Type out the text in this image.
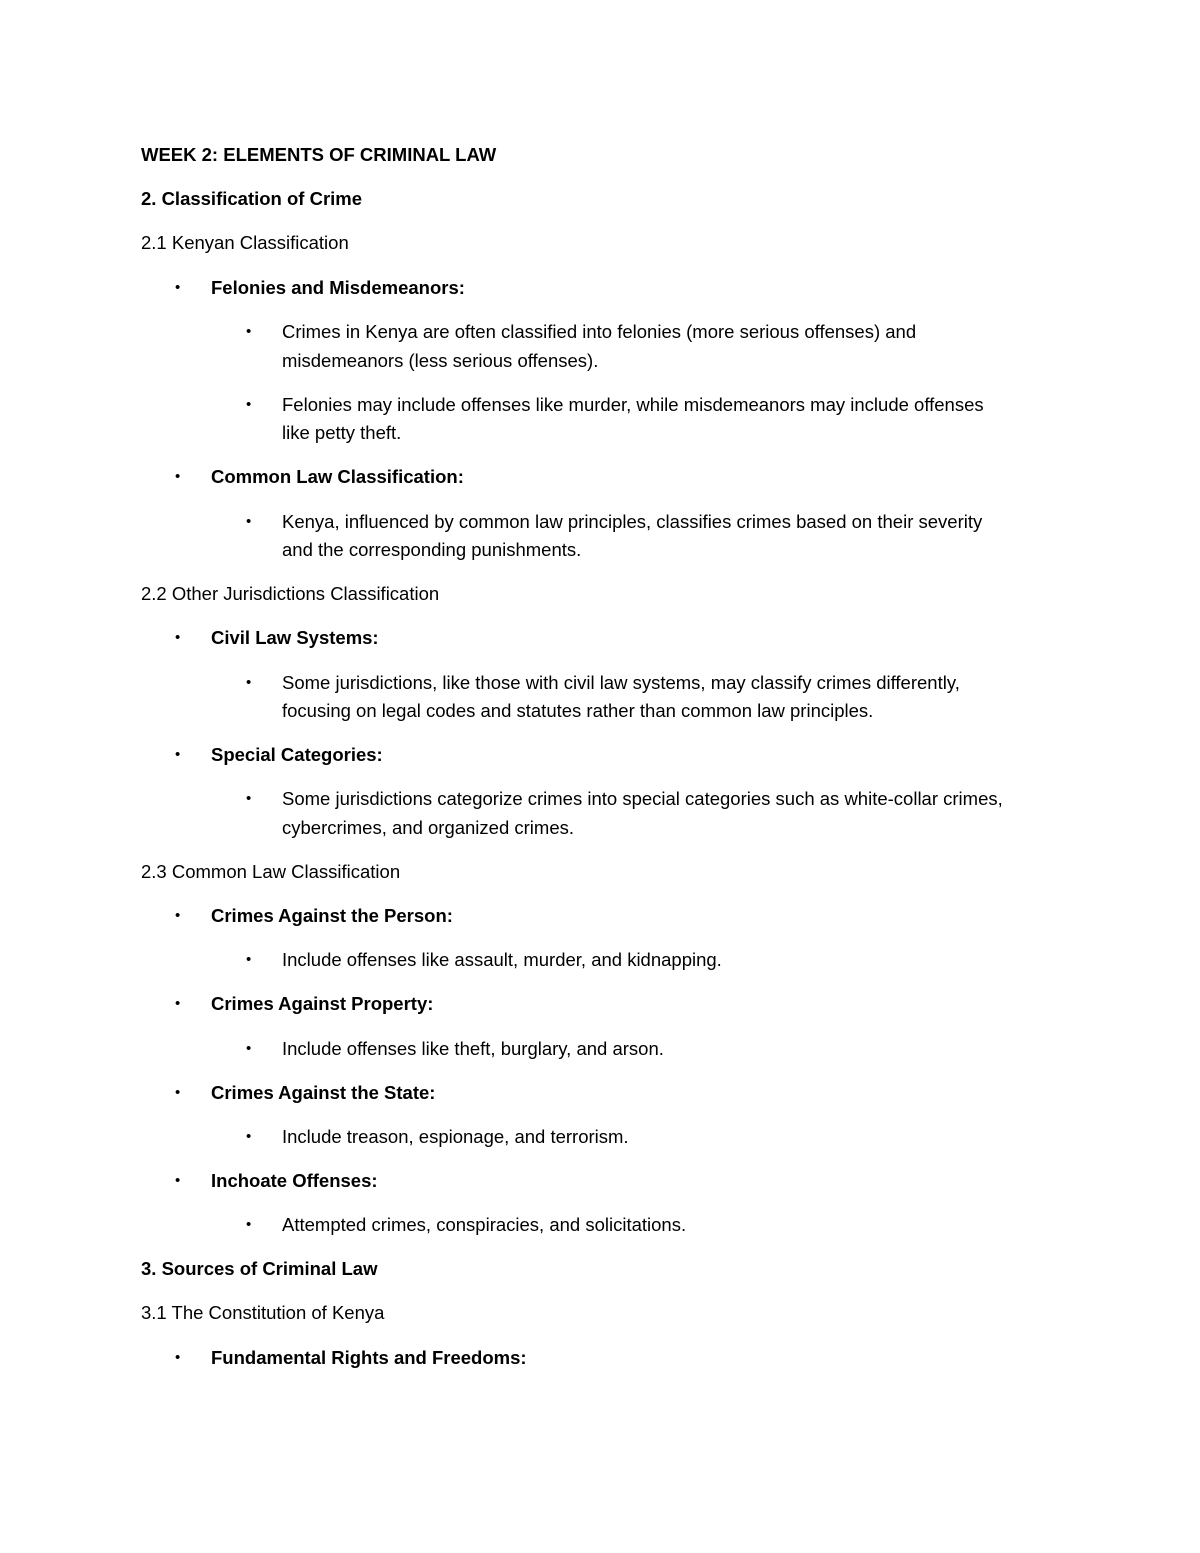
WEEK 2: ELEMENTS OF CRIMINAL LAW
2. Classification of Crime
2.1 Kenyan Classification
• Felonies and Misdemeanors:
• Crimes in Kenya are often classified into felonies (more serious offenses) and
misdemeanors (less serious offenses).
• Felonies may include offenses like murder, while misdemeanors may include offenses
like petty theft.
• Common Law Classification:
• Kenya, influenced by common law principles, classifies crimes based on their severity
and the corresponding punishments.
2.2 Other Jurisdictions Classification
• Civil Law Systems:
• Some jurisdictions, like those with civil law systems, may classify crimes differently,
focusing on legal codes and statutes rather than common law principles.
• Special Categories:
• Some jurisdictions categorize crimes into special categories such as white-collar crimes,
cybercrimes, and organized crimes.
2.3 Common Law Classification
• Crimes Against the Person:
• Include offenses like assault, murder, and kidnapping.
• Crimes Against Property:
• Include offenses like theft, burglary, and arson.
• Crimes Against the State:
• Include treason, espionage, and terrorism.
• Inchoate Offenses:
• Attempted crimes, conspiracies, and solicitations.
3. Sources of Criminal Law
3.1 The Constitution of Kenya
• Fundamental Rights and Freedoms:
